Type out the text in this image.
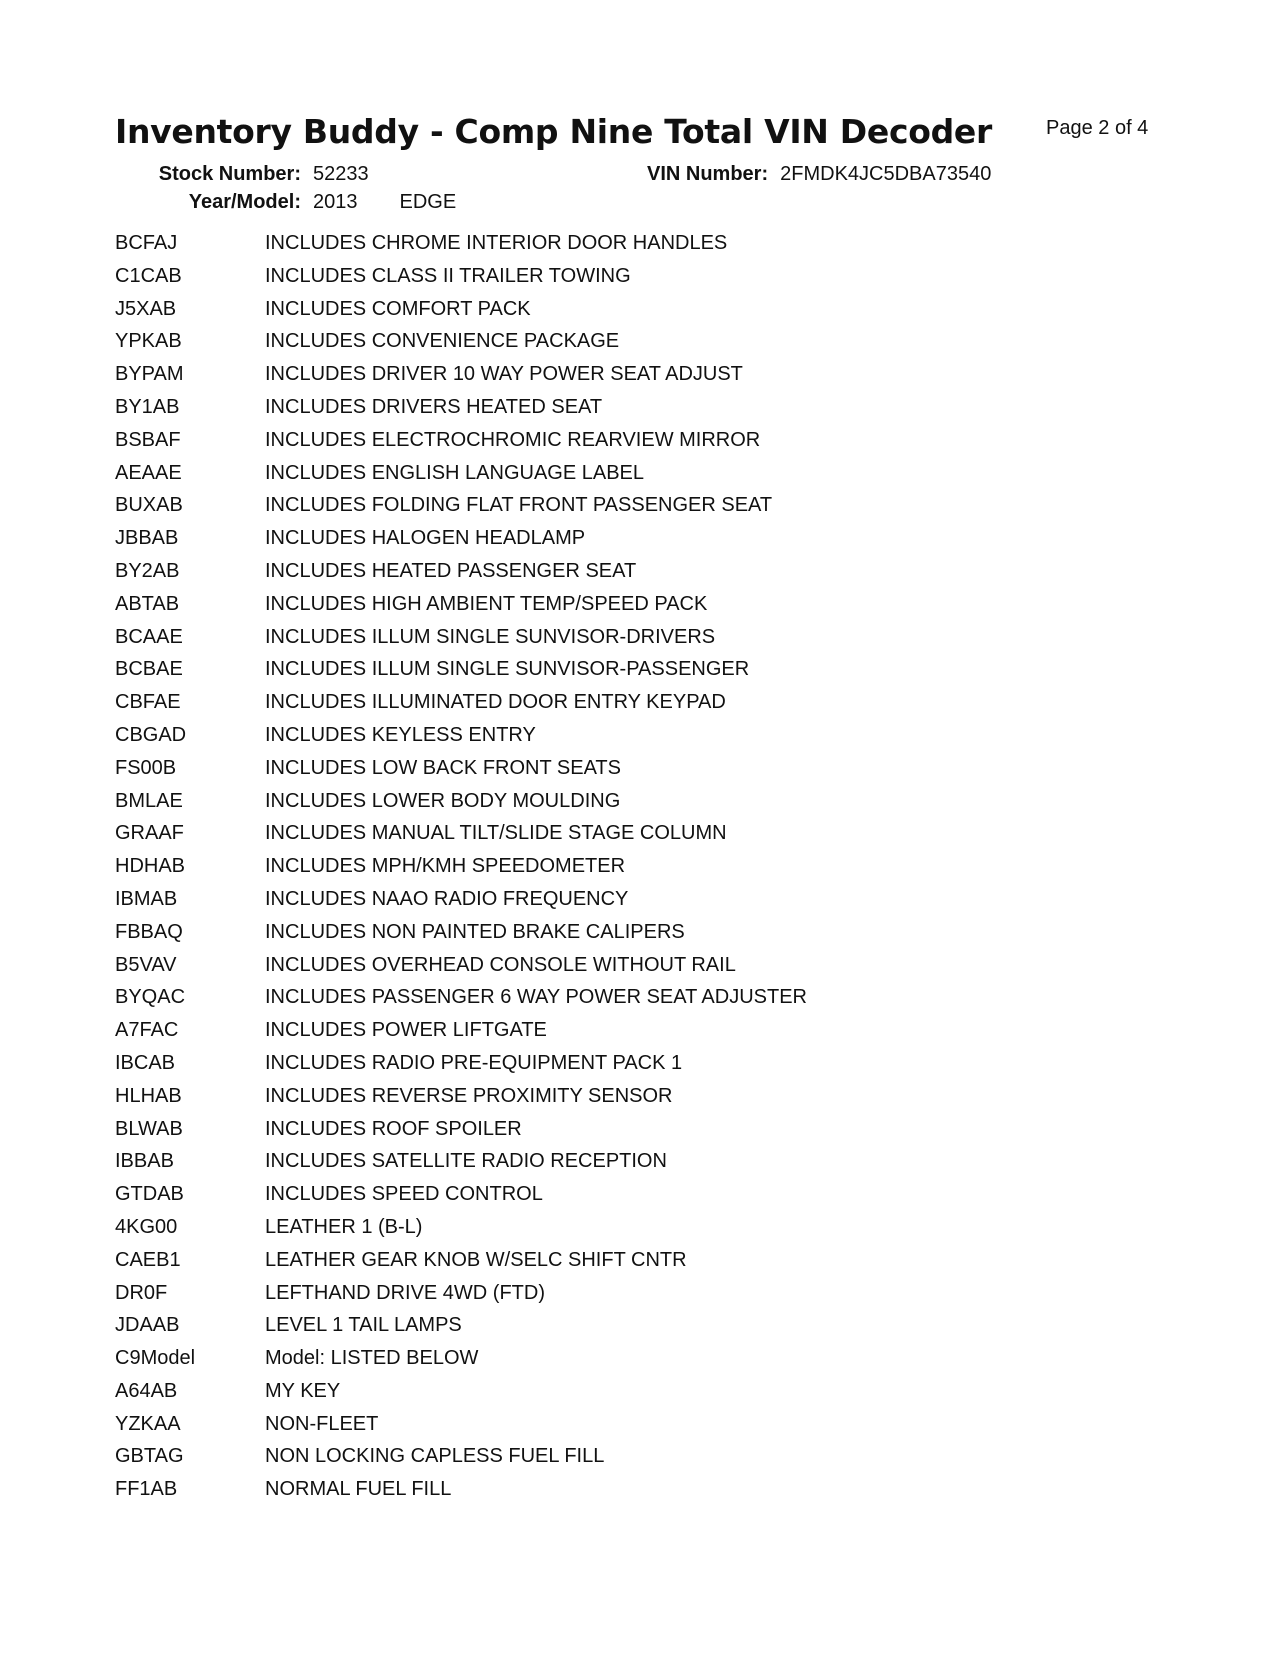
Inventory Buddy - Comp Nine Total VIN Decoder	Page 2 of 4
Stock Number: 52233
Year/Model: 2013 EDGE
VIN Number: 2FMDK4JC5DBA73540
BCFAJ	INCLUDES CHROME INTERIOR DOOR HANDLES
C1CAB	INCLUDES CLASS II TRAILER TOWING
J5XAB	INCLUDES COMFORT PACK
YPKAB	INCLUDES CONVENIENCE PACKAGE
BYPAM	INCLUDES DRIVER 10 WAY POWER SEAT ADJUST
BY1AB	INCLUDES DRIVERS HEATED SEAT
BSBAF	INCLUDES ELECTROCHROMIC REARVIEW MIRROR
AEAAE	INCLUDES ENGLISH LANGUAGE LABEL
BUXAB	INCLUDES FOLDING FLAT FRONT PASSENGER SEAT
JBBAB	INCLUDES HALOGEN HEADLAMP
BY2AB	INCLUDES HEATED PASSENGER SEAT
ABTAB	INCLUDES HIGH AMBIENT TEMP/SPEED PACK
BCAAE	INCLUDES ILLUM SINGLE SUNVISOR-DRIVERS
BCBAE	INCLUDES ILLUM SINGLE SUNVISOR-PASSENGER
CBFAE	INCLUDES ILLUMINATED DOOR ENTRY KEYPAD
CBGAD	INCLUDES KEYLESS ENTRY
FS00B	INCLUDES LOW BACK FRONT SEATS
BMLAE	INCLUDES LOWER BODY MOULDING
GRAAF	INCLUDES MANUAL TILT/SLIDE STAGE COLUMN
HDHAB	INCLUDES MPH/KMH SPEEDOMETER
IBMAB	INCLUDES NAAO RADIO FREQUENCY
FBBAQ	INCLUDES NON PAINTED BRAKE CALIPERS
B5VAV	INCLUDES OVERHEAD CONSOLE WITHOUT RAIL
BYQAC	INCLUDES PASSENGER 6 WAY POWER SEAT ADJUSTER
A7FAC	INCLUDES POWER LIFTGATE
IBCAB	INCLUDES RADIO PRE-EQUIPMENT PACK 1
HLHAB	INCLUDES REVERSE PROXIMITY SENSOR
BLWAB	INCLUDES ROOF SPOILER
IBBAB	INCLUDES SATELLITE RADIO RECEPTION
GTDAB	INCLUDES SPEED CONTROL
4KG00	LEATHER 1 (B-L)
CAEB1	LEATHER GEAR KNOB W/SELC SHIFT CNTR
DR0F	LEFTHAND DRIVE 4WD (FTD)
JDAAB	LEVEL 1 TAIL LAMPS
C9Model	Model: LISTED BELOW
A64AB	MY KEY
YZKAA	NON-FLEET
GBTAG	NON LOCKING CAPLESS FUEL FILL
FF1AB	NORMAL FUEL FILL
